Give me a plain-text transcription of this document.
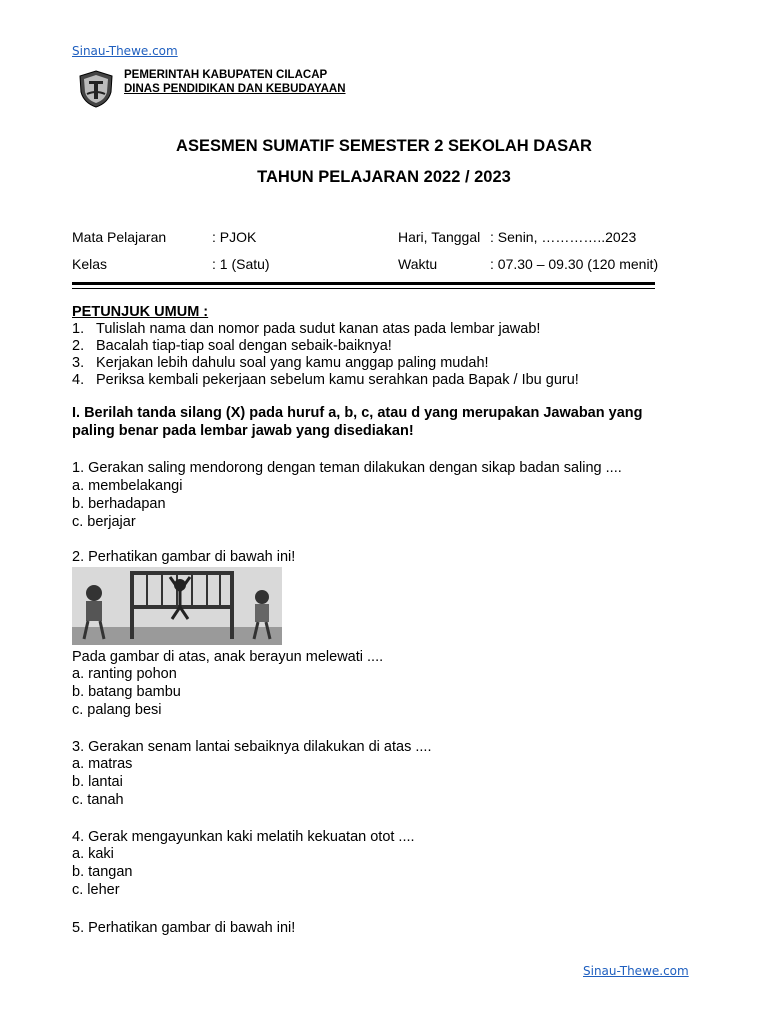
Sinau-Thewe.com
PEMERINTAH KABUPATEN CILACAP
DINAS PENDIDIKAN DAN KEBUDAYAAN
ASESMEN SUMATIF SEMESTER 2 SEKOLAH DASAR
TAHUN PELAJARAN 2022 / 2023
Mata Pelajaran	: PJOK	Hari, Tanggal : Senin, …………..2023
Kelas	: 1 (Satu)	Waktu	: 07.30 – 09.30 (120 menit)
PETUNJUK UMUM :
1. Tulislah nama dan nomor pada sudut kanan atas pada lembar jawab!
2. Bacalah tiap-tiap soal dengan sebaik-baiknya!
3. Kerjakan lebih dahulu soal yang kamu anggap paling mudah!
4. Periksa kembali pekerjaan sebelum kamu serahkan pada Bapak / Ibu guru!
I. Berilah tanda silang (X) pada huruf a, b, c, atau d yang merupakan Jawaban yang
paling benar pada lembar jawab yang disediakan!
1. Gerakan saling mendorong dengan teman dilakukan dengan sikap badan saling ....
a. membelakangi
b. berhadapan
c. berjajar
2. Perhatikan gambar di bawah ini!
Pada gambar di atas, anak berayun melewati ....
a. ranting pohon
b. batang bambu
c. palang besi
3. Gerakan senam lantai sebaiknya dilakukan di atas ....
a. matras
b. lantai
c. tanah
4. Gerak mengayunkan kaki melatih kekuatan otot ....
a. kaki
b. tangan
c. leher
5. Perhatikan gambar di bawah ini!
Sinau-Thewe.com
